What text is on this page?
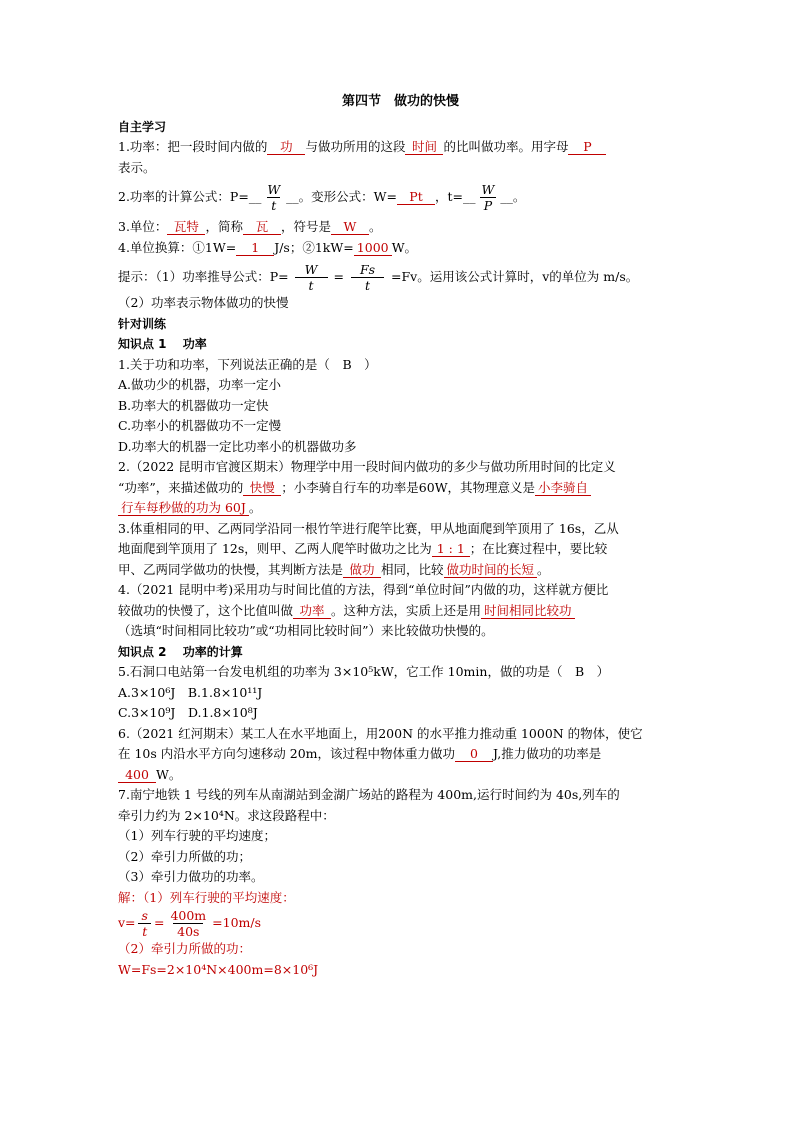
第四节　做功的快慢
自主学习

1.功率：把一段时间内做的 功 与做功所用的这段 时间 的比叫做功率。用字母 P
表示。

2.功率的计算公式：P=__ $\frac{W}{t}$ __。变形公式：W= Pt ，t=__ $\frac{W}{P}$ __。

3.单位： 瓦特 ，简称 瓦 ，符号是 W 。

4.单位换算：①1W= 1 J/s；②1kW= 1000 W。

提示：（1）功率推导公式：$P= \frac{W}{t} = \frac{Fs}{t} =Fv$。运用该公式计算时，v的单位为 m/s。

（2）功率表示物体做功的快慢

针对训练
知识点 1　 功率

1.关于功和功率，下列说法正确的是（　B　）

A.做功少的机器，功率一定小

B.功率大的机器做功一定快

C.功率小的机器做功不一定慢

D.功率大的机器一定比功率小的机器做功多

2.（2022 昆明市官渡区期末）物理学中用一段时间内做功的多少与做功所用时间的比定义
“功率”，来描述做功的 快慢 ；小李骑自行车的功率是60W，其物理意义是 小李骑自
行车每秒做的功为 60J 。

3.体重相同的甲、乙两同学沿同一根竹竿进行爬竿比赛，甲从地面爬到竿顶用了 16s，乙从
地面爬到竿顶用了 12s，则甲、乙两人爬竿时做功之比为 1 : 1 ；在比赛过程中，要比较
甲、乙两同学做功的快慢，其判断方法是 做功 相同，比较 做功时间的长短 。

4.（2021 昆明中考)采用功与时间比值的方法，得到“单位时间”内做的功，这样就方便比
较做功的快慢了，这个比值叫做 功率 。这种方法，实质上还是用 时间相同比较功
（选填“时间相同比较功”或“功相同比较时间”）来比较做功快慢的。

知识点 2　 功率的计算

5.石洞口电站第一台发电机组的功率为 3×10⁵kW，它工作 10min，做的功是（　B　）

A.3×10⁶J　B.1.8×10¹¹J

C.3×10⁹J　D.1.8×10⁸J

6.（2021 红河期末）某工人在水平地面上，用200N 的水平推力推动重 1000N 的物体，使它
在 10s 内沿水平方向匀速移动 20m，该过程中物体重力做功 0 J,推力做功的功率是
400 W。

7.南宁地铁 1 号线的列车从南湖站到金湖广场站的路程为 400m,运行时间约为 40s,列车的
牵引力约为 2×10⁴N。求这段路程中：

（1）列车行驶的平均速度；

（2）牵引力所做的功；

（3）牵引力做功的功率。

解：（1）列车行驶的平均速度：

$v= \frac{s}{t} = \frac{400m}{40s} =10m/s$

（2）牵引力所做的功：

W=Fs=2×10⁴N×400m=8×10⁶J
